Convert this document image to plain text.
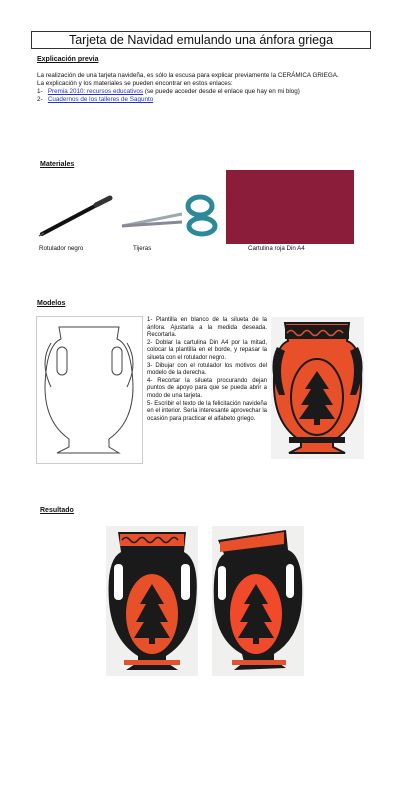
Tarjeta de Navidad emulando una ánfora griega
Explicación previa
La realización de una tarjeta navideña, es sólo la escusa para explicar previamente la CERÁMICA GRIEGA.
La explicación y los materiales se pueden encontrar en estos enlaces:
1- Premia 2010: recursos educativos (se puede acceder desde el enlace que hay en mi blog)
2- Cuadernos de los talleres de Sagunto
Materiales
Rotulador negro	Tijeras	Cartulina roja Din A4
Modelos
1- Plantilla en blanco de la silueta de la ánfora. Ajustarla a la medida deseada. Recortarla.
2- Doblar la cartulina Din A4 por la mitad, colocar la plantilla en el borde, y repasar la silueta con el rotulador negro.
3- Dibujar con el rotulador los motivos del modelo de la derecha.
4- Recortar la silueta procurando dejan puntos de apoyo para que se pueda abrir a modo de una tarjeta.
5- Escribir el texto de la felicitación navideña en el interior. Sería interesante aprovechar la ocasión para practicar el alfabeto griego.
Resultado
